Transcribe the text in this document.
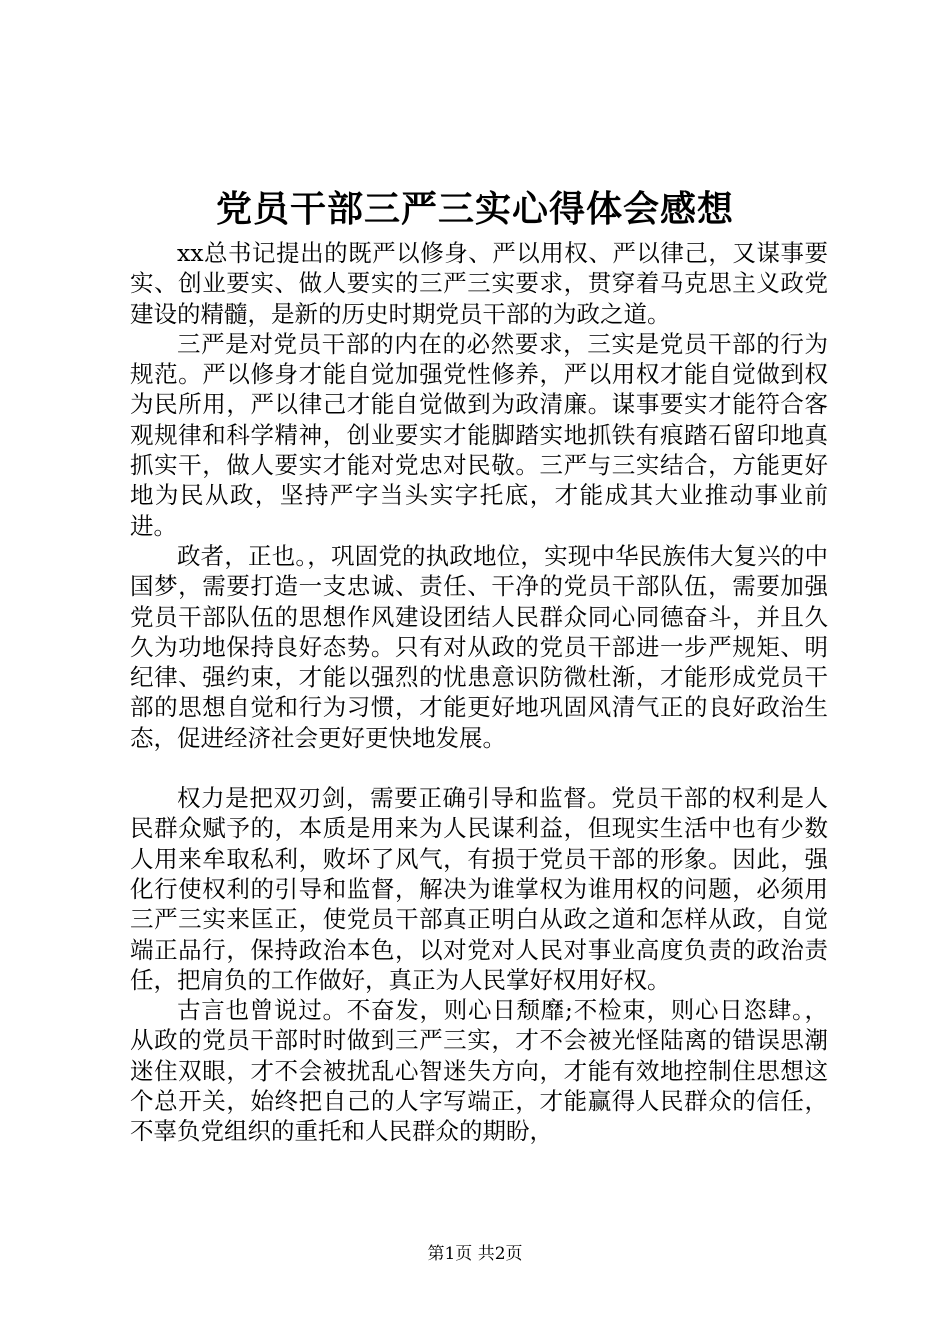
党员干部三严三实心得体会感想

xx总书记提出的既严以修身、严以用权、严以律己，又谋事要实、创业要实、做人要实的三严三实要求，贯穿着马克思主义政党建设的精髓，是新的历史时期党员干部的为政之道。

三严是对党员干部的内在的必然要求，三实是党员干部的行为规范。严以修身才能自觉加强党性修养，严以用权才能自觉做到权为民所用，严以律己才能自觉做到为政清廉。谋事要实才能符合客观规律和科学精神，创业要实才能脚踏实地抓铁有痕踏石留印地真抓实干，做人要实才能对党忠对民敬。三严与三实结合，方能更好地为民从政，坚持严字当头实字托底，才能成其大业推动事业前进。

政者，正也。，巩固党的执政地位，实现中华民族伟大复兴的中国梦，需要打造一支忠诚、责任、干净的党员干部队伍，需要加强党员干部队伍的思想作风建设团结人民群众同心同德奋斗，并且久久为功地保持良好态势。只有对从政的党员干部进一步严规矩、明纪律、强约束，才能以强烈的忧患意识防微杜渐，才能形成党员干部的思想自觉和行为习惯，才能更好地巩固风清气正的良好政治生态，促进经济社会更好更快地发展。

权力是把双刃剑，需要正确引导和监督。党员干部的权利是人民群众赋予的，本质是用来为人民谋利益，但现实生活中也有少数人用来牟取私利，败坏了风气，有损于党员干部的形象。因此，强化行使权利的引导和监督，解决为谁掌权为谁用权的问题，必须用三严三实来匡正，使党员干部真正明白从政之道和怎样从政，自觉端正品行，保持政治本色，以对党对人民对事业高度负责的政治责任，把肩负的工作做好，真正为人民掌好权用好权。

古言也曾说过。不奋发，则心日颓靡;不检束，则心日恣肆。，从政的党员干部时时做到三严三实，才不会被光怪陆离的错误思潮迷住双眼，才不会被扰乱心智迷失方向，才能有效地控制住思想这个总开关，始终把自己的人字写端正，才能赢得人民群众的信任，不辜负党组织的重托和人民群众的期盼，

第1页 共2页
